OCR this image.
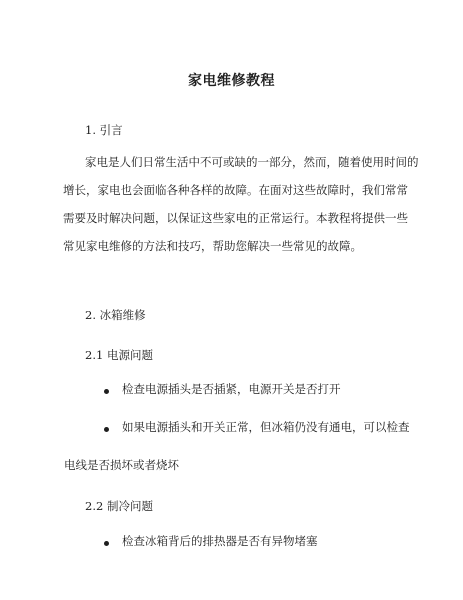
家电维修教程
1. 引言
家电是人们日常生活中不可或缺的一部分，然而，随着使用时间的
增长，家电也会面临各种各样的故障。在面对这些故障时，我们常常
需要及时解决问题，以保证这些家电的正常运行。本教程将提供一些
常见家电维修的方法和技巧，帮助您解决一些常见的故障。
2. 冰箱维修
2.1 电源问题
检查电源插头是否插紧，电源开关是否打开
如果电源插头和开关正常，但冰箱仍没有通电，可以检查
电线是否损坏或者烧坏
2.2 制冷问题
检查冰箱背后的排热器是否有异物堵塞
